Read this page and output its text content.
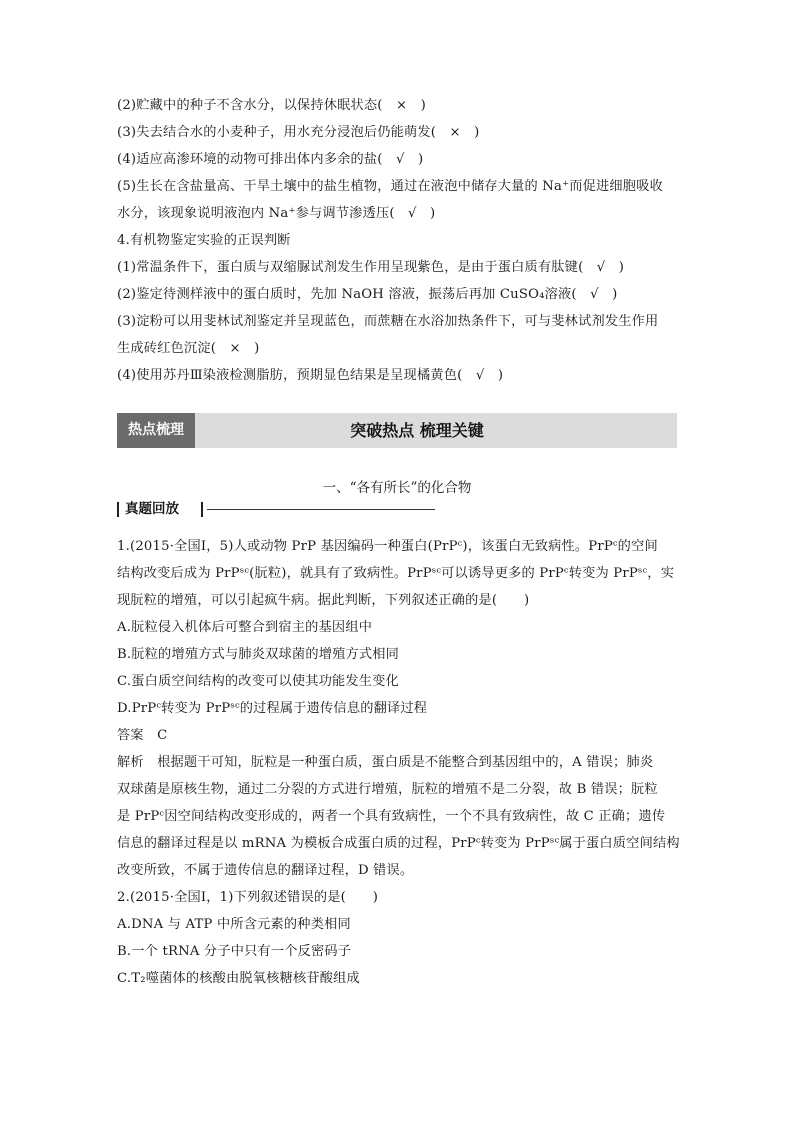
(2)贮藏中的种子不含水分，以保持休眠状态(　×　)
(3)失去结合水的小麦种子，用水充分浸泡后仍能萌发(　×　)
(4)适应高渗环境的动物可排出体内多余的盐(　√　)
(5)生长在含盐量高、干旱土壤中的盐生植物，通过在液泡中储存大量的 Na⁺而促进细胞吸收
水分，该现象说明液泡内 Na⁺参与调节渗透压(　√　)
4.有机物鉴定实验的正误判断
(1)常温条件下，蛋白质与双缩脲试剂发生作用呈现紫色，是由于蛋白质有肽键(　√　)
(2)鉴定待测样液中的蛋白质时，先加 NaOH 溶液，振荡后再加 CuSO₄溶液(　√　)
(3)淀粉可以用斐林试剂鉴定并呈现蓝色，而蔗糖在水浴加热条件下，可与斐林试剂发生作用
生成砖红色沉淀(　×　)
(4)使用苏丹Ⅲ染液检测脂肪，预期显色结果是呈现橘黄色(　√　)
热点梳理	突破热点 梳理关键
一、“各有所长”的化合物
真题回放
1.(2015·全国Ⅰ，5)人或动物 PrP 基因编码一种蛋白(PrPᶜ)，该蛋白无致病性。PrPᶜ的空间
结构改变后成为 PrPˢᶜ(朊粒)，就具有了致病性。PrPˢᶜ可以诱导更多的 PrPᶜ转变为 PrPˢᶜ，实
现朊粒的增殖，可以引起疯牛病。据此判断，下列叙述正确的是(　　)
A.朊粒侵入机体后可整合到宿主的基因组中
B.朊粒的增殖方式与肺炎双球菌的增殖方式相同
C.蛋白质空间结构的改变可以使其功能发生变化
D.PrPᶜ转变为 PrPˢᶜ的过程属于遗传信息的翻译过程
答案　C
解析　根据题干可知，朊粒是一种蛋白质，蛋白质是不能整合到基因组中的，A 错误；肺炎
双球菌是原核生物，通过二分裂的方式进行增殖，朊粒的增殖不是二分裂，故 B 错误；朊粒
是 PrPᶜ因空间结构改变形成的，两者一个具有致病性，一个不具有致病性，故 C 正确；遗传
信息的翻译过程是以 mRNA 为模板合成蛋白质的过程，PrPᶜ转变为 PrPˢᶜ属于蛋白质空间结构
改变所致，不属于遗传信息的翻译过程，D 错误。
2.(2015·全国Ⅰ，1)下列叙述错误的是(　　)
A.DNA 与 ATP 中所含元素的种类相同
B.一个 tRNA 分子中只有一个反密码子
C.T₂噬菌体的核酸由脱氧核糖核苷酸组成
